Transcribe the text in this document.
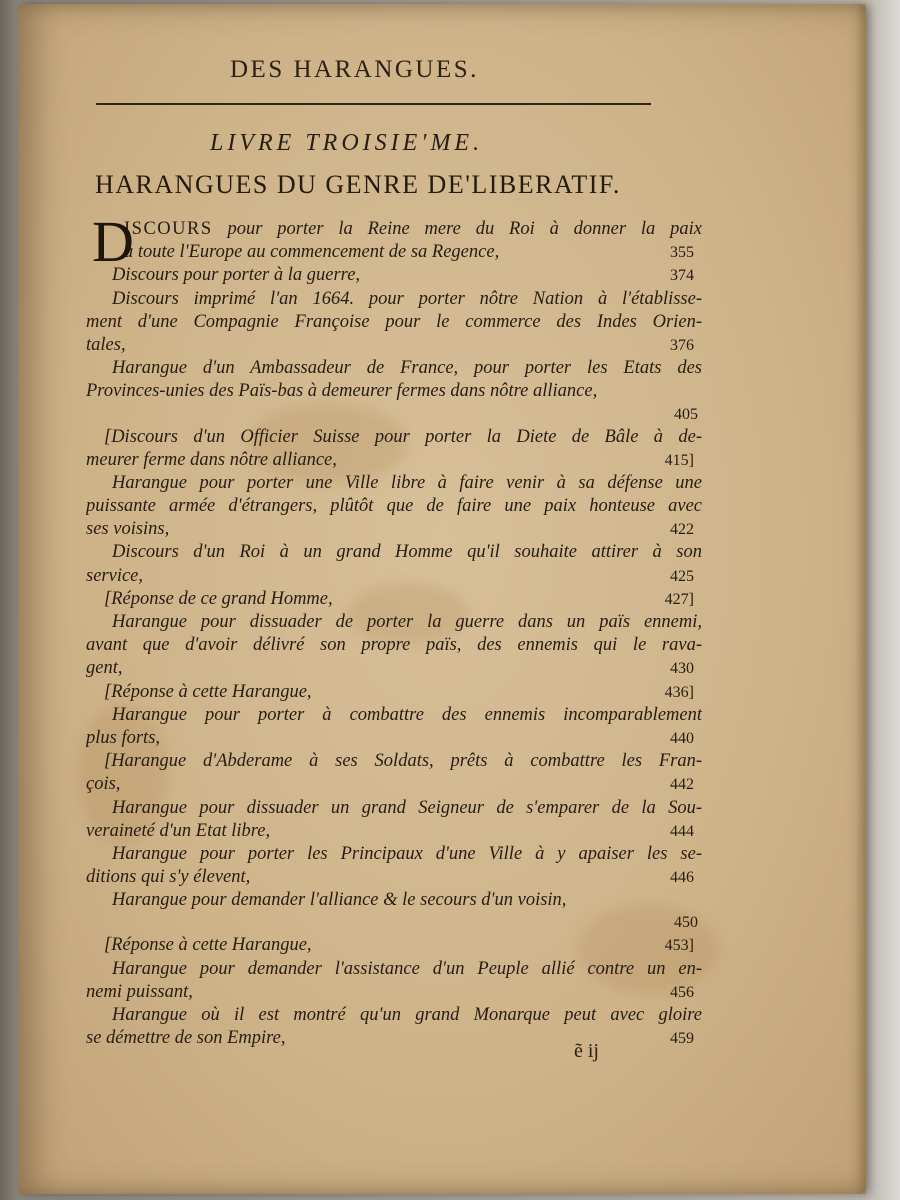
DES HARANGUES.
LIVRE TROISIE'ME.
HARANGUES DU GENRE DE'LIBERATIF.
D
ISCOURS pour porter la Reine mere du Roi à donner la paix
à toute l'Europe au commencement de sa Regence,	355
Discours pour porter à la guerre,	374
Discours imprimé l'an 1664. pour porter nôtre Nation à l'établisse-
ment d'une Compagnie Françoise pour le commerce des Indes Orien-
tales,	376
Harangue d'un Ambassadeur de France, pour porter les Etats des
Provinces-unies des Païs-bas à demeurer fermes dans nôtre alliance,
405
[Discours d'un Officier Suisse pour porter la Diete de Bâle à de-
meurer ferme dans nôtre alliance,	415]
Harangue pour porter une Ville libre à faire venir à sa défense une
puissante armée d'étrangers, plûtôt que de faire une paix honteuse avec
ses voisins,	422
Discours d'un Roi à un grand Homme qu'il souhaite attirer à son
service,	425
[Réponse de ce grand Homme,	427]
Harangue pour dissuader de porter la guerre dans un païs ennemi,
avant que d'avoir délivré son propre païs, des ennemis qui le rava-
gent,	430
[Réponse à cette Harangue,	436]
Harangue pour porter à combattre des ennemis incomparablement
plus forts,	440
[Harangue d'Abderame à ses Soldats, prêts à combattre les Fran-
çois,	442
Harangue pour dissuader un grand Seigneur de s'emparer de la Sou-
veraineté d'un Etat libre,	444
Harangue pour porter les Principaux d'une Ville à y apaiser les se-
ditions qui s'y élevent,	446
Harangue pour demander l'alliance & le secours d'un voisin,
450
[Réponse à cette Harangue,	453]
Harangue pour demander l'assistance d'un Peuple allié contre un en-
nemi puissant,	456
Harangue où il est montré qu'un grand Monarque peut avec gloire
se démettre de son Empire,	459
ẽ ij
